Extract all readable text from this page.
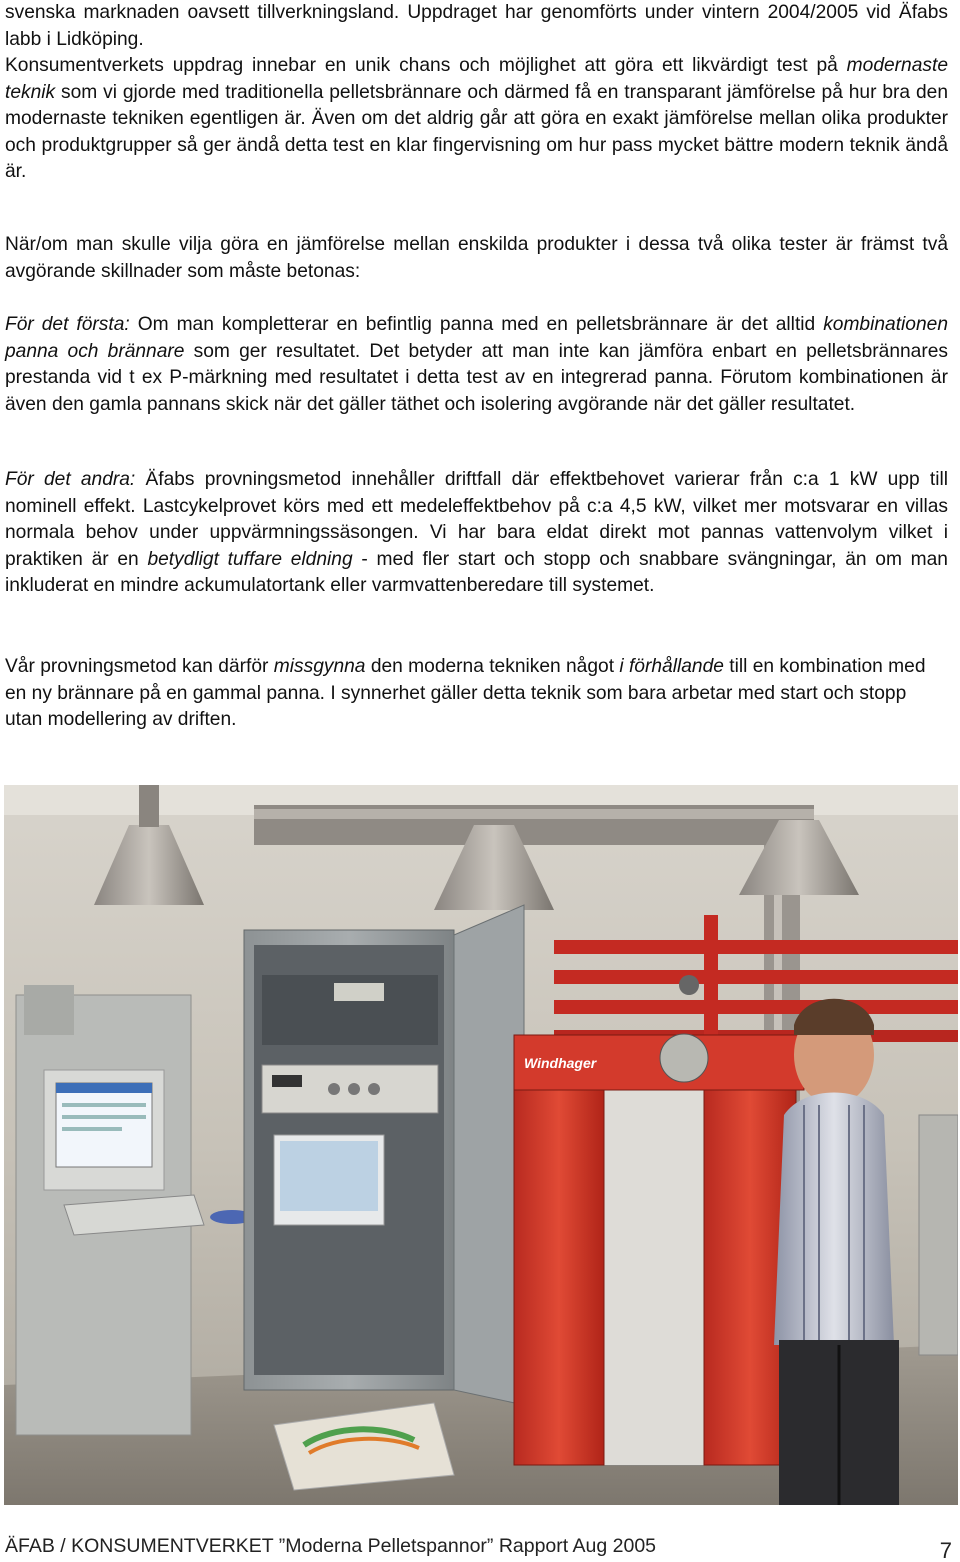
svenska marknaden oavsett tillverkningsland. Uppdraget har genomförts under vintern 2004/2005 vid Äfabs labb i Lidköping.

Konsumentverkets uppdrag innebar en unik chans och möjlighet att göra ett likvärdigt test på modernaste teknik som vi gjorde med traditionella pelletsbrännare och därmed få en transparant jämförelse på hur bra den modernaste tekniken egentligen är. Även om det aldrig går att göra en exakt jämförelse mellan olika produkter och produktgrupper så ger ändå detta test en klar fingervisning om hur pass mycket bättre modern teknik ändå är.

När/om man skulle vilja göra en jämförelse mellan enskilda produkter i dessa två olika tester är främst två avgörande skillnader som måste betonas:

För det första: Om man kompletterar en befintlig panna med en pelletsbrännare är det alltid kombinationen panna och brännare som ger resultatet. Det betyder att man inte kan jämföra enbart en pelletsbrännares prestanda vid t ex P-märkning med resultatet i detta test av en integrerad panna. Förutom kombinationen är även den gamla pannans skick när det gäller täthet och isolering avgörande när det gäller resultatet.

För det andra: Äfabs provningsmetod innehåller driftfall där effektbehovet varierar från c:a 1 kW upp till nominell effekt. Lastcykelprovet körs med ett medeleffektbehov på c:a 4,5 kW, vilket mer motsvarar en villas normala behov under uppvärmningssäsongen. Vi har bara eldat direkt mot pannas vattenvolym vilket i praktiken är en betydligt tuffare eldning - med fler start och stopp och snabbare svängningar, än om man inkluderat en mindre ackumulatortank eller varmvattenberedare till systemet.

Vår provningsmetod kan därför missgynna den moderna tekniken något i förhållande till en kombination med en ny brännare på en gammal panna. I synnerhet gäller detta teknik som bara arbetar med start och stopp utan modellering av driften.

Windhager
ÄFAB / KONSUMENTVERKET ”Moderna Pelletspannor” Rapport Aug 2005	7
